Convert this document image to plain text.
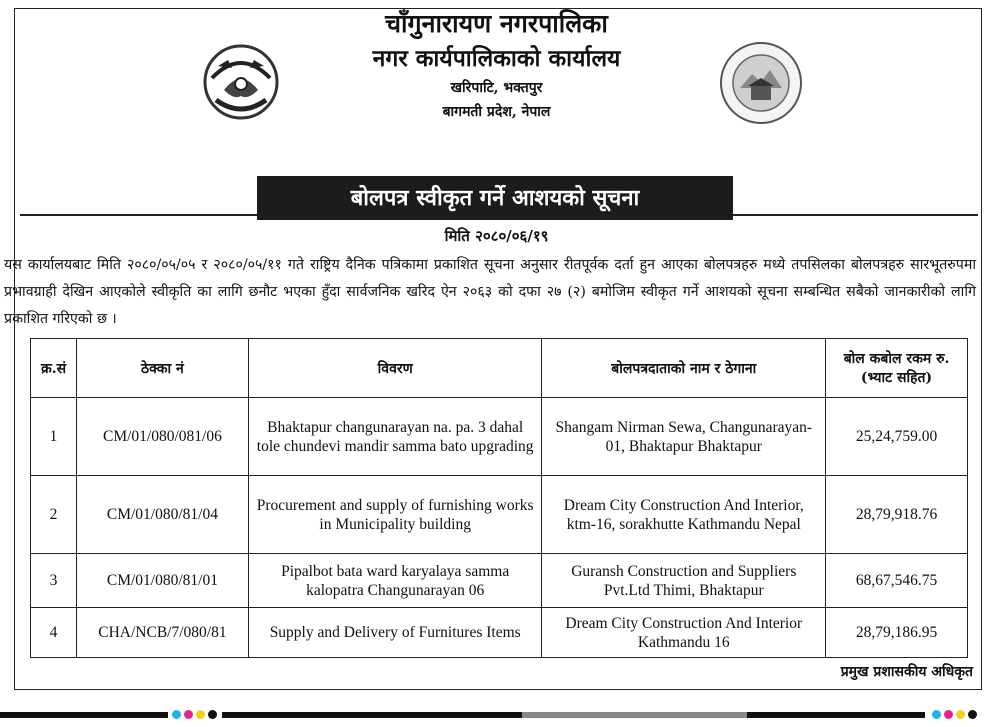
चाँगुनारायण नगरपालिका
नगर कार्यपालिकाको कार्यालय
खरिपाटि, भक्तपुर
बागमती प्रदेश, नेपाल
बोलपत्र स्वीकृत गर्ने आशयको सूचना
मिति २०८०/०६/१९
यस कार्यालयबाट मिति २०८०/०५/०५ र २०८०/०५/११ गते राष्ट्रिय दैनिक पत्रिकामा प्रकाशित सूचना अनुसार रीतपूर्वक दर्ता हुन आएका बोलपत्रहरु मध्ये तपसिलका बोलपत्रहरु सारभूतरुपमा प्रभावग्राही देखिन आएकोले स्वीकृति का लागि छनौट भएका हुँदा सार्वजनिक खरिद ऐन २०६३ को दफा २७ (२) बमोजिम स्वीकृत गर्ने आशयको सूचना सम्बन्धित सबैको जानकारीको लागि प्रकाशित गरिएको छ ।
क्र.सं	ठेक्का नं	विवरण	बोलपत्रदाताको नाम र ठेगाना	बोल कबोल रकम रु. (भ्याट सहित)
1	CM/01/080/081/06	Bhaktapur changunarayan na. pa. 3 dahal tole chundevi mandir samma bato upgrading	Shangam Nirman Sewa, Changunarayan- 01, Bhaktapur Bhaktapur	25,24,759.00
2	CM/01/080/81/04	Procurement and supply of furnishing works in Municipality building	Dream City Construction And Interior, ktm-16, sorakhutte Kathmandu Nepal	28,79,918.76
3	CM/01/080/81/01	Pipalbot bata ward karyalaya samma kalopatra Changunarayan 06	Guransh Construction and Suppliers Pvt.Ltd Thimi, Bhaktapur	68,67,546.75
4	CHA/NCB/7/080/81	Supply and Delivery of Furnitures Items	Dream City Construction And Interior Kathmandu 16	28,79,186.95
प्रमुख प्रशासकीय अधिकृत
